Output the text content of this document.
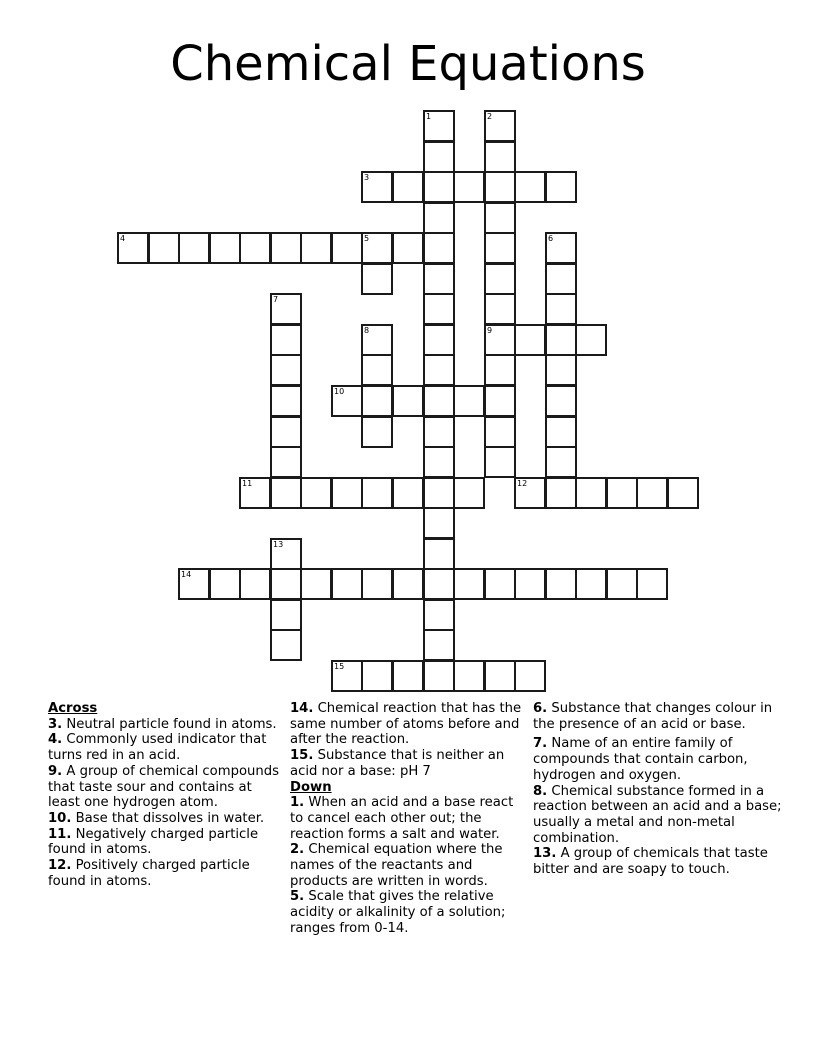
Chemical Equations
1	2
9
3
4	5	6
7
8
10
11	12
13
14
15
Across
3. Neutral particle found in atoms.
4. Commonly used indicator that turns red in an acid.
9. A group of chemical compounds that taste sour and contains at least one hydrogen atom.
10. Base that dissolves in water.
11. Negatively charged particle found in atoms.
12. Positively charged particle found in atoms.
14. Chemical reaction that has the same number of atoms before and after the reaction.
15. Substance that is neither an acid nor a base: pH 7
Down
1. When an acid and a base react to cancel each other out; the reaction forms a salt and water.
2. Chemical equation where the names of the reactants and products are written in words.
5. Scale that gives the relative acidity or alkalinity of a solution; ranges from 0-14.
6. Substance that changes colour in the presence of an acid or base.
7. Name of an entire family of compounds that contain carbon, hydrogen and oxygen.
8. Chemical substance formed in a reaction between an acid and a base; usually a metal and non-metal combination.
13. A group of chemicals that taste bitter and are soapy to touch.
